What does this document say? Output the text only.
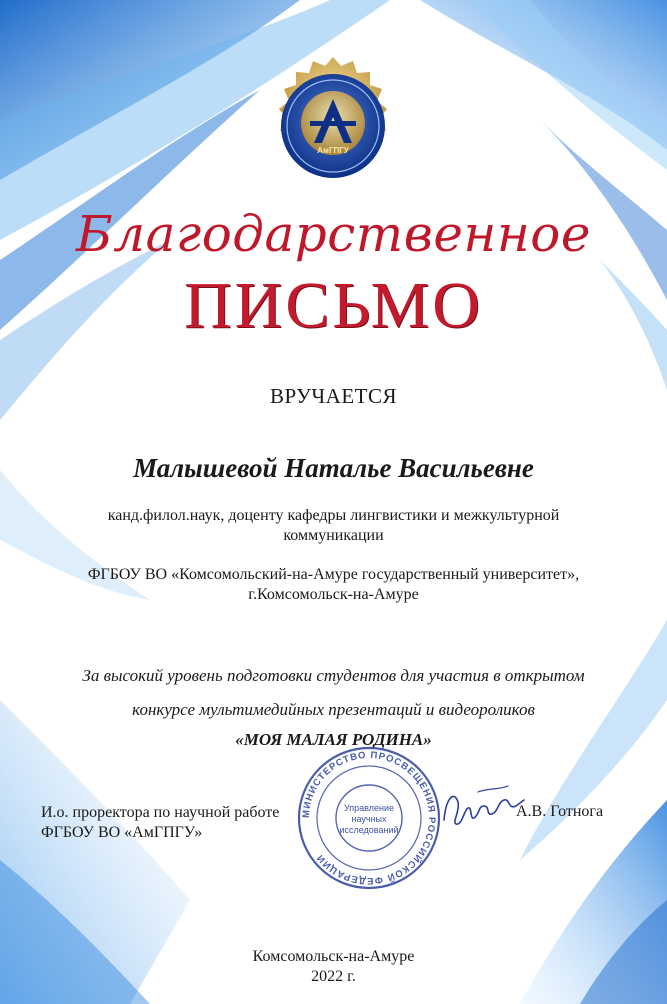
АмГПГУ
Благодарственное
ПИСЬМО
ВРУЧАЕТСЯ
Малышевой Наталье Васильевне
канд.филол.наук, доценту кафедры лингвистики и межкультурной
коммуникации
ФГБОУ ВО «Комсомольский-на-Амуре государственный университет»,
г.Комсомольск-на-Амуре
За высокий уровень подготовки студентов для участия в открытом
конкурсе мультимедийных презентаций и видеороликов
«МОЯ МАЛАЯ РОДИНА»
МИНИСТЕРСТВО ПРОСВЕЩЕНИЯ РОССИЙСКОЙ ФЕДЕРАЦИИ
Управление
научных
исследований
И.о. проректора по научной работе
ФГБОУ ВО «АмГПГУ»
А.В. Готнога
Комсомольск-на-Амуре
2022 г.
